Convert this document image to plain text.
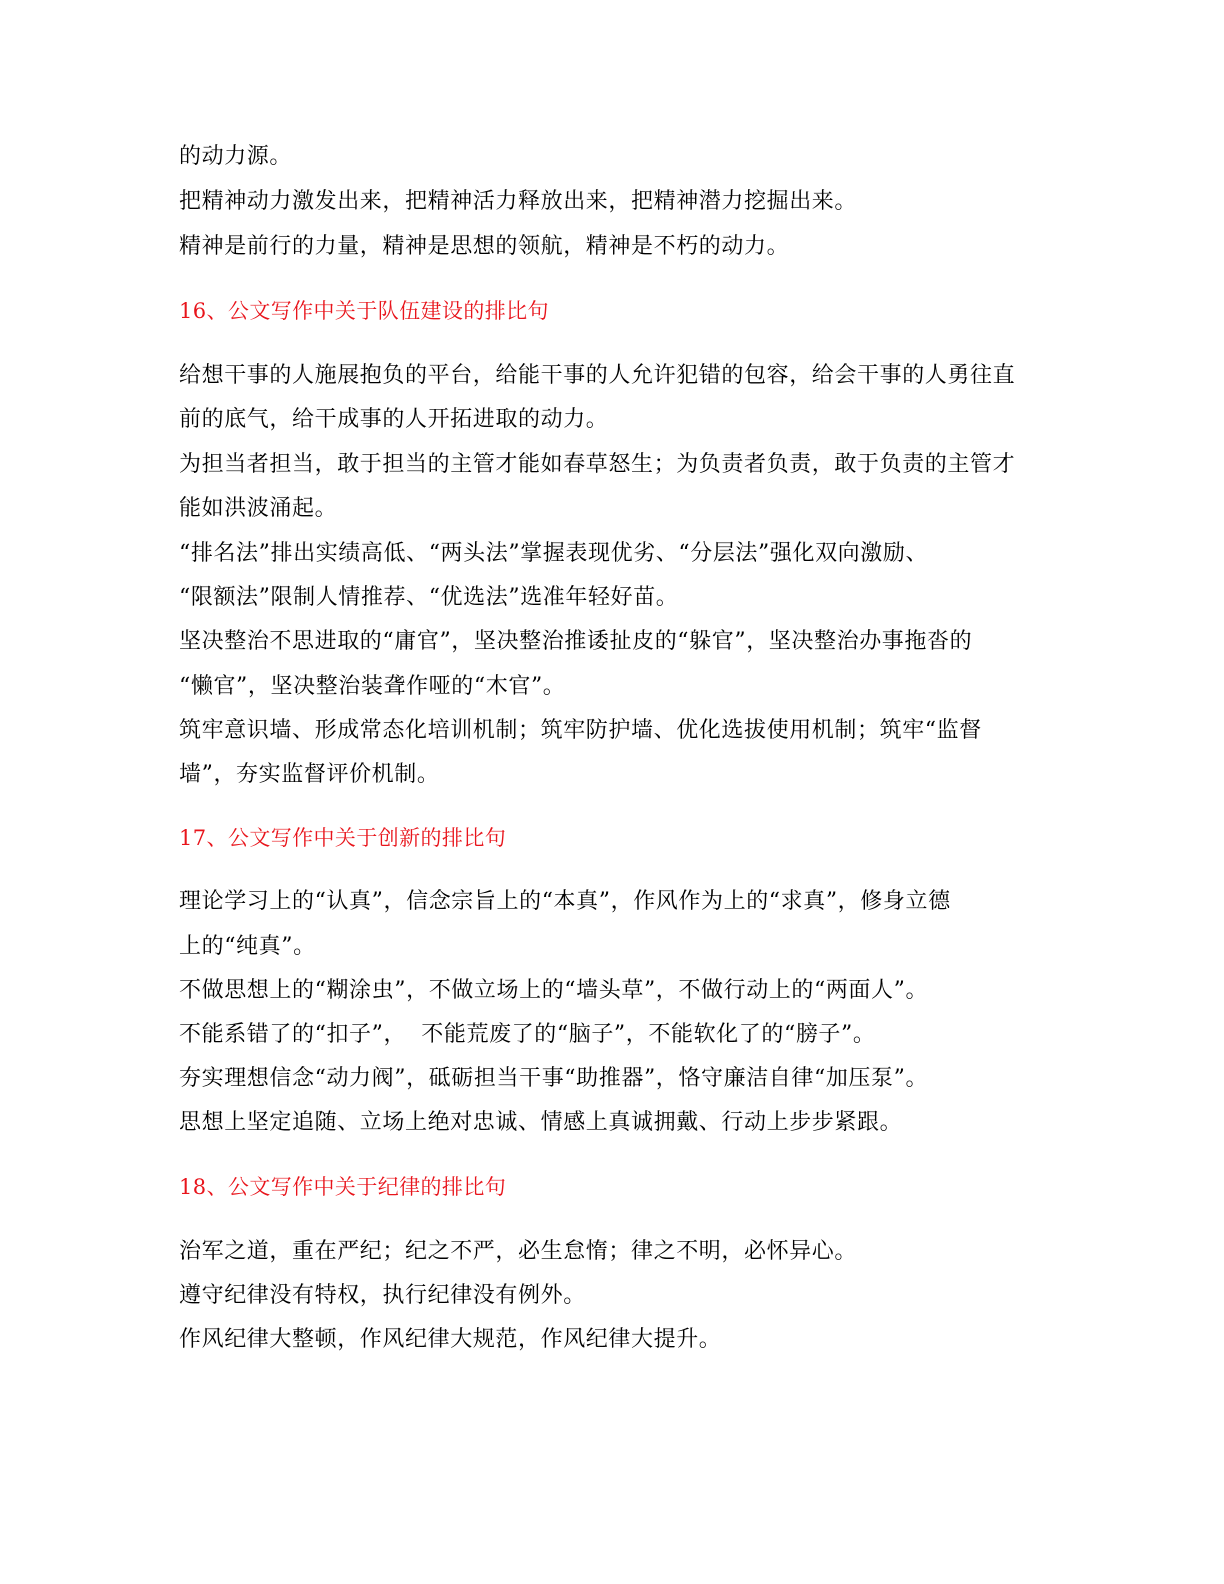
的动力源。
把精神动力激发出来，把精神活力释放出来，把精神潜力挖掘出来。
精神是前行的力量，精神是思想的领航，精神是不朽的动力。
16、公文写作中关于队伍建设的排比句
给想干事的人施展抱负的平台，给能干事的人允许犯错的包容，给会干事的人勇往直
前的底气，给干成事的人开拓进取的动力。
为担当者担当，敢于担当的主管才能如春草怒生；为负责者负责，敢于负责的主管才
能如洪波涌起。
“排名法”排出实绩高低、“两头法”掌握表现优劣、“分层法”强化双向激励、
“限额法”限制人情推荐、“优选法”选准年轻好苗。
坚决整治不思进取的“庸官”，坚决整治推诿扯皮的“躲官”，坚决整治办事拖沓的
“懒官”，坚决整治装聋作哑的“木官”。
筑牢意识墙、形成常态化培训机制；筑牢防护墙、优化选拔使用机制；筑牢“监督
墙”，夯实监督评价机制。
17、公文写作中关于创新的排比句
理论学习上的“认真”，信念宗旨上的“本真”，作风作为上的“求真”，修身立德
上的“纯真”。
不做思想上的“糊涂虫”，不做立场上的“墙头草”，不做行动上的“两面人”。
不能系错了的“扣子”，  不能荒废了的“脑子”，不能软化了的“膀子”。
夯实理想信念“动力阀”，砥砺担当干事“助推器”，恪守廉洁自律“加压泵”。
思想上坚定追随、立场上绝对忠诚、情感上真诚拥戴、行动上步步紧跟。
18、公文写作中关于纪律的排比句
治军之道，重在严纪；纪之不严，必生怠惰；律之不明，必怀异心。
遵守纪律没有特权，执行纪律没有例外。
作风纪律大整顿，作风纪律大规范，作风纪律大提升。
